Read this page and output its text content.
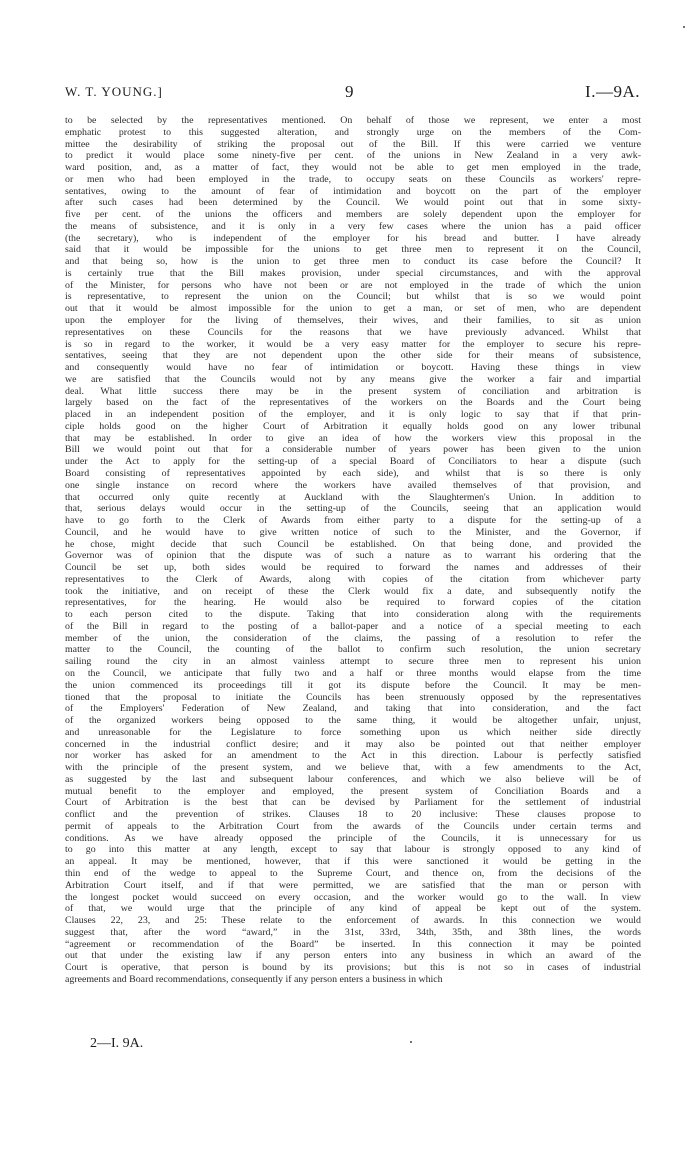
W. T. YOUNG.]	9	I.—9A.
to be selected by the representatives mentioned. On behalf of those we represent, we enter a most
emphatic protest to this suggested alteration, and strongly urge on the members of the Com-
mittee the desirability of striking the proposal out of the Bill. If this were carried we venture
to predict it would place some ninety-five per cent. of the unions in New Zealand in a very awk-
ward position, and, as a matter of fact, they would not be able to get men employed in the trade,
or men who had been employed in the trade, to occupy seats on these Councils as workers' repre-
sentatives, owing to the amount of fear of intimidation and boycott on the part of the employer
after such cases had been determined by the Council. We would point out that in some sixty-
five per cent. of the unions the officers and members are solely dependent upon the employer for
the means of subsistence, and it is only in a very few cases where the union has a paid officer
(the secretary), who is independent of the employer for his bread and butter. I have already
said that it would be impossible for the unions to get three men to represent it on the Council,
and that being so, how is the union to get three men to conduct its case before the Council? It
is certainly true that the Bill makes provision, under special circumstances, and with the approval
of the Minister, for persons who have not been or are not employed in the trade of which the union
is representative, to represent the union on the Council; but whilst that is so we would point
out that it would be almost impossible for the union to get a man, or set of men, who are dependent
upon the employer for the living of themselves, their wives, and their families, to sit as union
representatives on these Councils for the reasons that we have previously advanced. Whilst that
is so in regard to the worker, it would be a very easy matter for the employer to secure his repre-
sentatives, seeing that they are not dependent upon the other side for their means of subsistence,
and consequently would have no fear of intimidation or boycott. Having these things in view
we are satisfied that the Councils would not by any means give the worker a fair and impartial
deal. What little success there may be in the present system of conciliation and arbitration is
largely based on the fact of the representatives of the workers on the Boards and the Court being
placed in an independent position of the employer, and it is only logic to say that if that prin-
ciple holds good on the higher Court of Arbitration it equally holds good on any lower tribunal
that may be established. In order to give an idea of how the workers view this proposal in the
Bill we would point out that for a considerable number of years power has been given to the union
under the Act to apply for the setting-up of a special Board of Conciliators to hear a dispute (such
Board consisting of representatives appointed by each side), and whilst that is so there is only
one single instance on record where the workers have availed themselves of that provision, and
that occurred only quite recently at Auckland with the Slaughtermen's Union. In addition to
that, serious delays would occur in the setting-up of the Councils, seeing that an application would
have to go forth to the Clerk of Awards from either party to a dispute for the setting-up of a
Council, and he would have to give written notice of such to the Minister, and the Governor, if
he chose, might decide that such Council be established. On that being done, and provided the
Governor was of opinion that the dispute was of such a nature as to warrant his ordering that the
Council be set up, both sides would be required to forward the names and addresses of their
representatives to the Clerk of Awards, along with copies of the citation from whichever party
took the initiative, and on receipt of these the Clerk would fix a date, and subsequently notify the
representatives, for the hearing. He would also be required to forward copies of the citation
to each person cited to the dispute. Taking that into consideration along with the requirements
of the Bill in regard to the posting of a ballot-paper and a notice of a special meeting to each
member of the union, the consideration of the claims, the passing of a resolution to refer the
matter to the Council, the counting of the ballot to confirm such resolution, the union secretary
sailing round the city in an almost vainless attempt to secure three men to represent his union
on the Council, we anticipate that fully two and a half or three months would elapse from the time
the union commenced its proceedings till it got its dispute before the Council. It may be men-
tioned that the proposal to initiate the Councils has been strenuously opposed by the representatives
of the Employers' Federation of New Zealand, and taking that into consideration, and the fact
of the organized workers being opposed to the same thing, it would be altogether unfair, unjust,
and unreasonable for the Legislature to force something upon us which neither side directly
concerned in the industrial conflict desire; and it may also be pointed out that neither employer
nor worker has asked for an amendment to the Act in this direction. Labour is perfectly satisfied
with the principle of the present system, and we believe that, with a few amendments to the Act,
as suggested by the last and subsequent labour conferences, and which we also believe will be of
mutual benefit to the employer and employed, the present system of Conciliation Boards and a
Court of Arbitration is the best that can be devised by Parliament for the settlement of industrial
conflict and the prevention of strikes. Clauses 18 to 20 inclusive: These clauses propose to
permit of appeals to the Arbitration Court from the awards of the Councils under certain terms and
conditions. As we have already opposed the principle of the Councils, it is unnecessary for us
to go into this matter at any length, except to say that labour is strongly opposed to any kind of
an appeal. It may be mentioned, however, that if this were sanctioned it would be getting in the
thin end of the wedge to appeal to the Supreme Court, and thence on, from the decisions of the
Arbitration Court itself, and if that were permitted, we are satisfied that the man or person with
the longest pocket would succeed on every occasion, and the worker would go to the wall. In view
of that, we would urge that the principle of any kind of appeal be kept out of the system.
Clauses 22, 23, and 25: These relate to the enforcement of awards. In this connection we would
suggest that, after the word “award,” in the 31st, 33rd, 34th, 35th, and 38th lines, the words
“agreement or recommendation of the Board” be inserted. In this connection it may be pointed
out that under the existing law if any person enters into any business in which an award of the
Court is operative, that person is bound by its provisions; but this is not so in cases of industrial
agreements and Board recommendations, consequently if any person enters a business in which
2—I. 9A.
